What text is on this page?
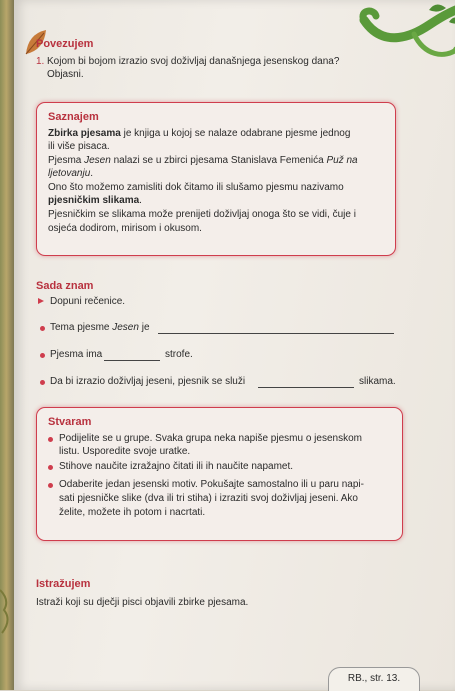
Povezujem

1. Kojom bi bojom izrazio svoj doživljaj današnjega jesenskog dana?

Objasni.

Saznajem

Zbirka pjesama je knjiga u kojoj se nalaze odabrane pjesme jednog

ili više pisaca.

Pjesma Jesen nalazi se u zbirci pjesama Stanislava Femenića Puž na

ljetovanju.

Ono što možemo zamisliti dok čitamo ili slušamo pjesmu nazivamo

pjesničkim slikama.

Pjesničkim se slikama može prenijeti doživljaj onoga što se vidi, čuje i

osjeća dodirom, mirisom i okusom.

Sada znam

Dopuni rečenice.

Tema pjesme Jesen je

Pjesma ima	strofe.

Da bi izrazio doživljaj jeseni, pjesnik se služi	slikama.

Stvaram

Podijelite se u grupe. Svaka grupa neka napiše pjesmu o jesenskom

listu. Usporedite svoje uratke.

Stihove naučite izražajno čitati ili ih naučite napamet.

Odaberite jedan jesenski motiv. Pokušajte samostalno ili u paru napi-

sati pjesničke slike (dva ili tri stiha) i izraziti svoj doživljaj jeseni. Ako

želite, možete ih potom i nacrtati.

Istražujem

Istraži koji su dječji pisci objavili zbirke pjesama.

RB., str. 13.
